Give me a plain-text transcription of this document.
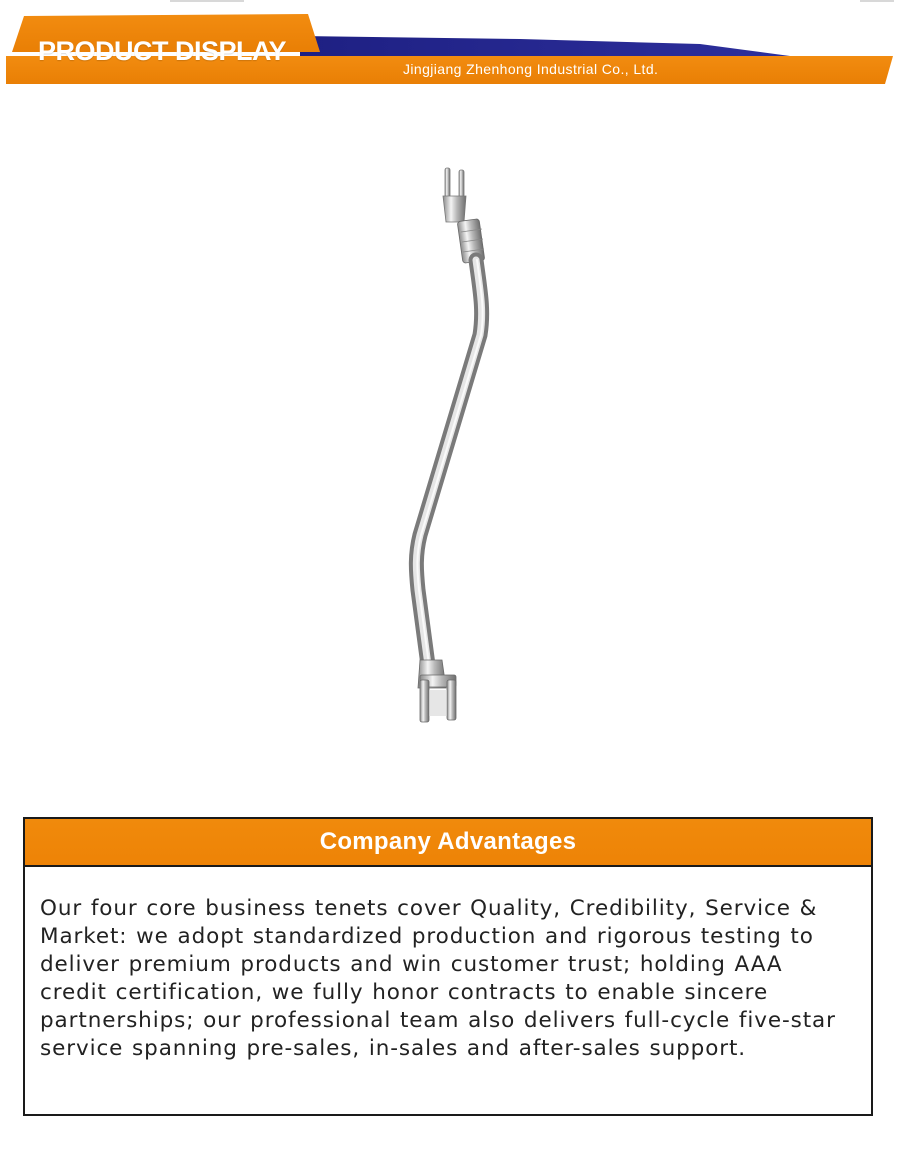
PRODUCT DISPLAY
Jingjiang Zhenhong Industrial Co., Ltd.
Company Advantages
Our four core business tenets cover Quality, Credibility, Service & Market: we adopt standardized production and rigorous testing to deliver premium products and win customer trust; holding AAA credit certification, we fully honor contracts to enable sincere partnerships; our professional team also delivers full-cycle five-star service spanning pre-sales, in-sales and after-sales support.
